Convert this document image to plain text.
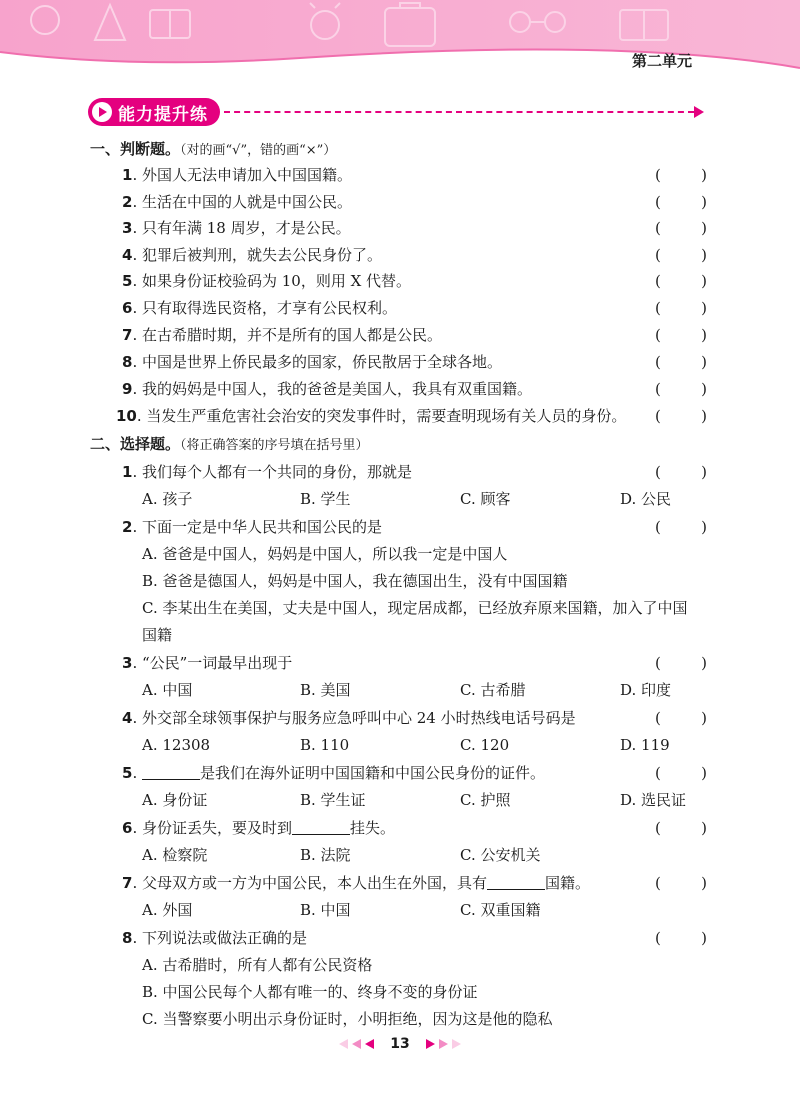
第二单元
能力提升练
一、判断题。（对的画“√”，错的画“×”）
1. 外国人无法申请加入中国国籍。	(	)
2. 生活在中国的人就是中国公民。	(	)
3. 只有年满 18 周岁，才是公民。	(	)
4. 犯罪后被判刑，就失去公民身份了。	(	)
5. 如果身份证校验码为 10，则用 X 代替。	(	)
6. 只有取得选民资格，才享有公民权利。	(	)
7. 在古希腊时期，并不是所有的国人都是公民。	(	)
8. 中国是世界上侨民最多的国家，侨民散居于全球各地。	(	)
9. 我的妈妈是中国人，我的爸爸是美国人，我具有双重国籍。	(	)
10. 当发生严重危害社会治安的突发事件时，需要查明现场有关人员的身份。 (	)
二、选择题。（将正确答案的序号填在括号里）
1. 我们每个人都有一个共同的身份，那就是	(	)
A. 孩子	B. 学生	C. 顾客	D. 公民
2. 下面一定是中华人民共和国公民的是	(	)
A. 爸爸是中国人，妈妈是中国人，所以我一定是中国人
B. 爸爸是德国人，妈妈是中国人，我在德国出生，没有中国国籍
C. 李某出生在美国，丈夫是中国人，现定居成都，已经放弃原来国籍，加入了中国
国籍
3. “公民”一词最早出现于	(	)
A. 中国	B. 美国	C. 古希腊	D. 印度
4. 外交部全球领事保护与服务应急呼叫中心 24 小时热线电话号码是	(	)
A. 12308	B. 110	C. 120	D. 119
5.	是我们在海外证明中国国籍和中国公民身份的证件。	(	)
A. 身份证	B. 学生证	C. 护照	D. 选民证
6. 身份证丢失，要及时到	挂失。	(	)
A. 检察院	B. 法院	C. 公安机关
7. 父母双方或一方为中国公民，本人出生在外国，具有	国籍。	(	)
A. 外国	B. 中国	C. 双重国籍
8. 下列说法或做法正确的是	(	)
A. 古希腊时，所有人都有公民资格
B. 中国公民每个人都有唯一的、终身不变的身份证
C. 当警察要小明出示身份证时，小明拒绝，因为这是他的隐私
13
